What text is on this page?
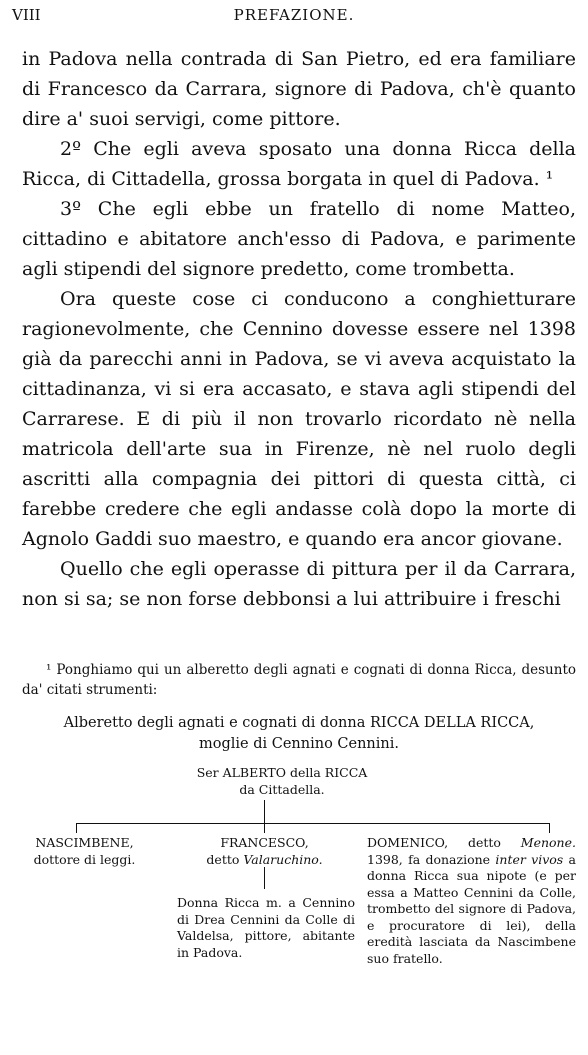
VIII	PREFAZIONE.

in Padova nella contrada di San Pietro, ed era familiare di Francesco da Carrara, signore di Padova, ch'è quanto dire a' suoi servigi, come pittore.

2º Che egli aveva sposato una donna Ricca della Ricca, di Cittadella, grossa borgata in quel di Padova. ¹

3º Che egli ebbe un fratello di nome Matteo, cittadino e abitatore anch'esso di Padova, e parimente agli stipendi del signore predetto, come trombetta.

Ora queste cose ci conducono a conghietturare ragionevolmente, che Cennino dovesse essere nel 1398 già da parecchi anni in Padova, se vi aveva acquistato la cittadinanza, vi si era accasato, e stava agli stipendi del Carrarese. E di più il non trovarlo ricordato nè nella matricola dell'arte sua in Firenze, nè nel ruolo degli ascritti alla compagnia dei pittori di questa città, ci farebbe credere che egli andasse colà dopo la morte di Agnolo Gaddi suo maestro, e quando era ancor giovane.

Quello che egli operasse di pittura per il da Carrara, non si sa; se non forse debbonsi a lui attribuire i freschi

¹ Ponghiamo qui un alberetto degli agnati e cognati di donna Ricca, desunto da' citati strumenti:

Alberetto degli agnati e cognati di donna RICCA DELLA RICCA,
moglie di Cennino Cennini.
Ser ALBERTO della RICCA
da Cittadella.
NASCIMBENE,
dottore di leggi.
FRANCESCO,
detto Valaruchino.
Donna Ricca m. a Cennino di Drea Cennini da Colle di Valdelsa, pittore, abitante in Padova.
DOMENICO, detto Menone. 1398, fa donazione inter vivos a donna Ricca sua nipote (e per essa a Matteo Cennini da Colle, trombetto del signore di Padova, e procuratore di lei), della eredità lasciata da Nascimbene suo fratello.
